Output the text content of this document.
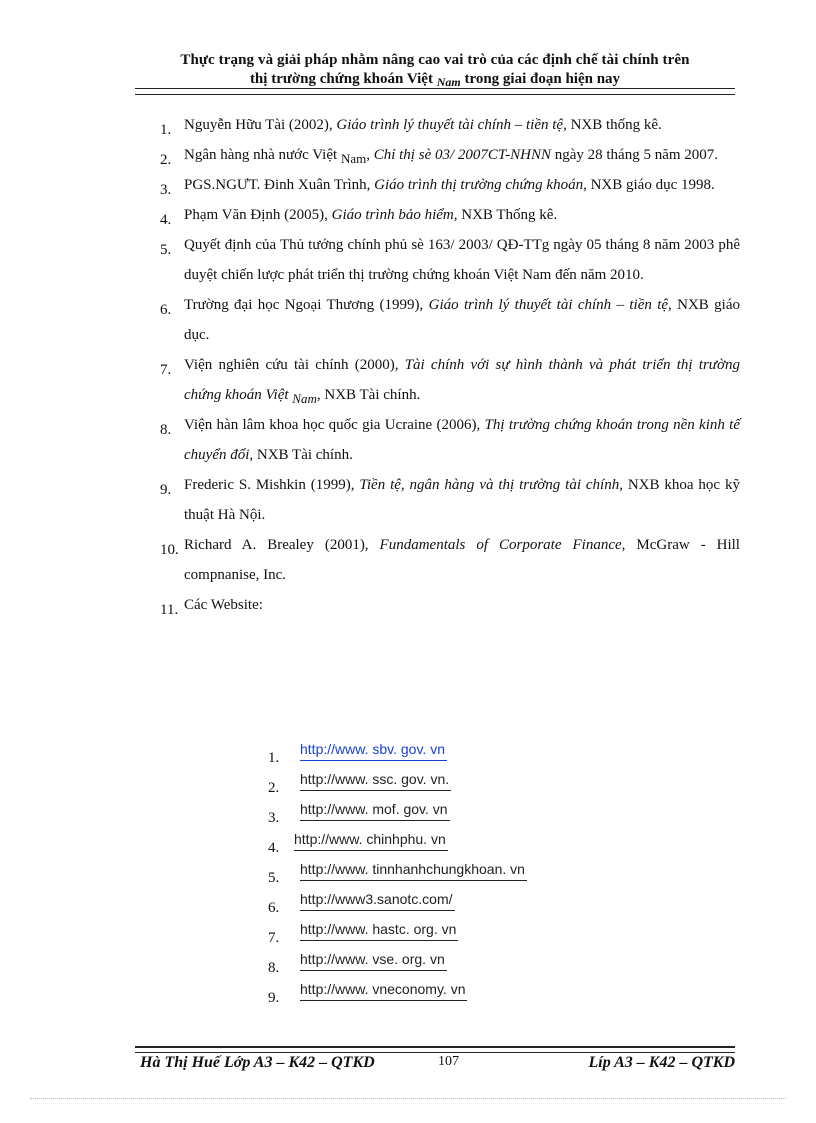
Thực trạng và giải pháp nhằm nâng cao vai trò của các định chế tài chính trên
thị trường chứng khoán Việt $_{Nam}$ trong giai đoạn hiện nay
1. Nguyễn Hữu Tài (2002), Giáo trình lý thuyết tài chính – tiền tệ, NXB thống kê.
2. Ngân hàng nhà nước Việt Nam, Chỉ thị sè 03/ 2007CT-NHNN ngày 28 tháng 5 năm 2007.
3. PGS.NGƯT. Đinh Xuân Trình, Giáo trình thị trường chứng khoán, NXB giáo dục 1998.
4. Phạm Văn Định (2005), Giáo trình bảo hiểm, NXB Thống kê.
5. Quyết định của Thủ tướng chính phủ sè 163/ 2003/ QĐ-TTg ngày 05 tháng 8 năm 2003 phê duyệt chiến lược phát triển thị trường chứng khoán Việt Nam đến năm 2010.
6. Trường đại học Ngoại Thương (1999), Giáo trình lý thuyết tài chính – tiền tệ, NXB giáo dục.
7. Viện nghiên cứu tài chính (2000), Tài chính với sự hình thành và phát triển thị trường chứng khoán Việt Nam, NXB Tài chính.
8. Viện hàn lâm khoa học quốc gia Ucraine (2006), Thị trường chứng khoán trong nền kinh tế chuyển đổi, NXB Tài chính.
9. Frederic S. Mishkin (1999), Tiền tệ, ngân hàng và thị trường tài chính, NXB khoa học kỹ thuật Hà Nội.
10. Richard A. Brealey (2001), Fundamentals of Corporate Finance, McGraw - Hill compnanise, Inc.
11. Các Website:
1.
http://www. sbv. gov. vn
2.
http://www. ssc. gov. vn.
3.
http://www. mof. gov. vn
4.
http://www. chinhphu. vn
5.
http://www. tinnhanhchungkhoan. vn
6.
http://www3.sanotc.com/
7.
http://www. hastc. org. vn
8.
http://www. vse. org. vn
9.
http://www. vneconomy. vn
Hà Thị Huế Lớp A3 – K42 – QTKD	107	Líp A3 – K42 – QTKD
